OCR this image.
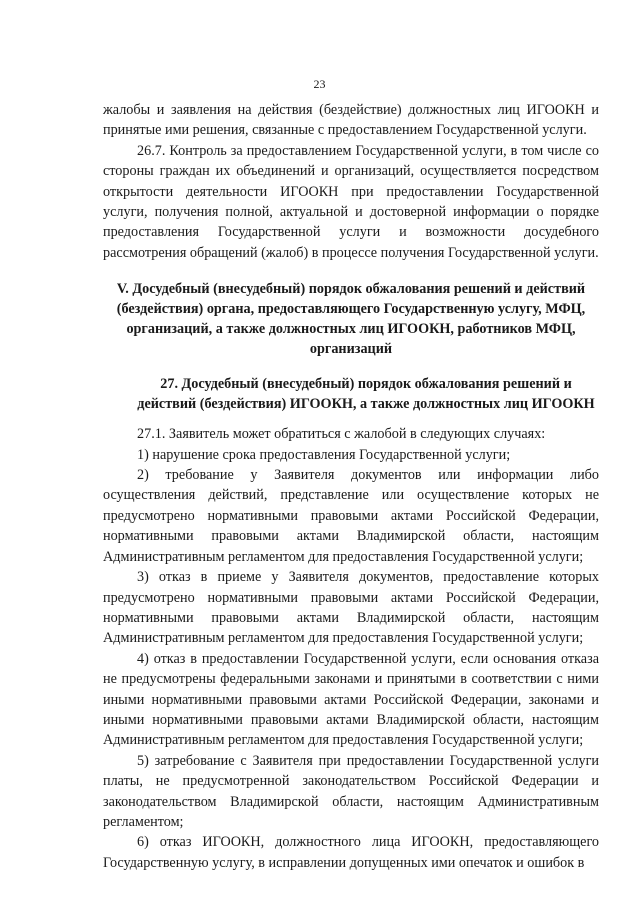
23

жалобы и заявления на действия (бездействие) должностных лиц ИГООКН и принятые ими решения, связанные с предоставлением Государственной услуги.

26.7. Контроль за предоставлением Государственной услуги, в том числе со стороны граждан их объединений и организаций, осуществляется посредством открытости деятельности ИГООКН при предоставлении Государственной услуги, получения полной, актуальной и достоверной информации о порядке предоставления Государственной услуги и возможности досудебного рассмотрения обращений (жалоб) в процессе получения Государственной услуги.

V. Досудебный (внесудебный) порядок обжалования решений и действий (бездействия) органа, предоставляющего Государственную услугу, МФЦ, организаций, а также должностных лиц ИГООКН, работников МФЦ, организаций

27. Досудебный (внесудебный) порядок обжалования решений и действий (бездействия) ИГООКН, а также должностных лиц ИГООКН

27.1. Заявитель может обратиться с жалобой в следующих случаях:

1) нарушение срока предоставления Государственной услуги;

2) требование у Заявителя документов или информации либо осуществления действий, представление или осуществление которых не предусмотрено нормативными правовыми актами Российской Федерации, нормативными правовыми актами Владимирской области, настоящим Административным регламентом для предоставления Государственной услуги;

3) отказ в приеме у Заявителя документов, предоставление которых предусмотрено нормативными правовыми актами Российской Федерации, нормативными правовыми актами Владимирской области, настоящим Административным регламентом для предоставления Государственной услуги;

4) отказ в предоставлении Государственной услуги, если основания отказа не предусмотрены федеральными законами и принятыми в соответствии с ними иными нормативными правовыми актами Российской Федерации, законами и иными нормативными правовыми актами Владимирской области, настоящим Административным регламентом для предоставления Государственной услуги;

5) затребование с Заявителя при предоставлении Государственной услуги платы, не предусмотренной законодательством Российской Федерации и законодательством Владимирской области, настоящим Административным регламентом;

6) отказ ИГООКН, должностного лица ИГООКН, предоставляющего Государственную услугу, в исправлении допущенных ими опечаток и ошибок в
